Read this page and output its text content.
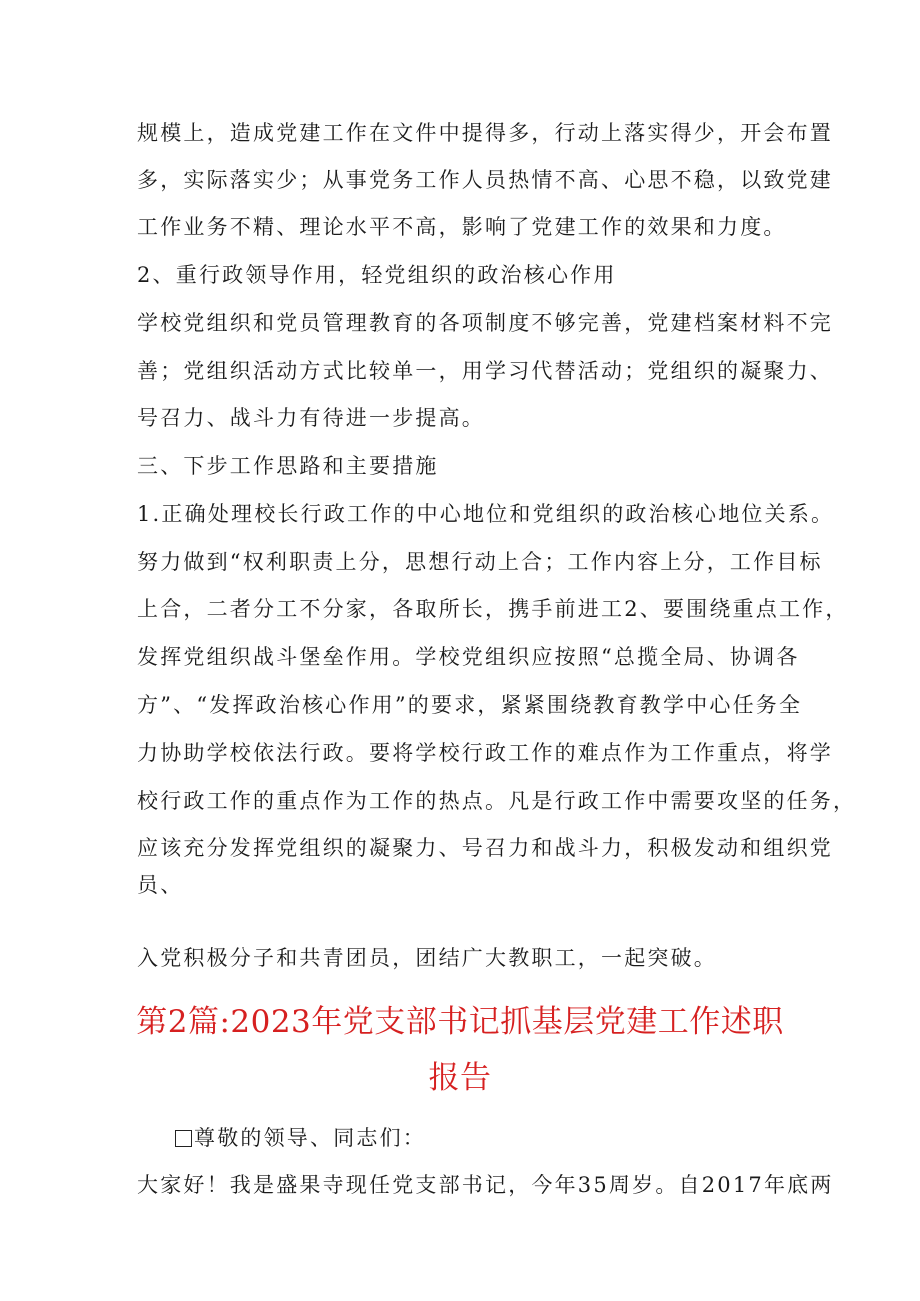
规模上，造成党建工作在文件中提得多，行动上落实得少，开会布置
多，实际落实少；从事党务工作人员热情不高、心思不稳，以致党建
工作业务不精、理论水平不高，影响了党建工作的效果和力度。
2、重行政领导作用，轻党组织的政治核心作用
学校党组织和党员管理教育的各项制度不够完善，党建档案材料不完
善；党组织活动方式比较单一，用学习代替活动；党组织的凝聚力、
号召力、战斗力有待进一步提高。
三、下步工作思路和主要措施
1.正确处理校长行政工作的中心地位和党组织的政治核心地位关系。
努力做到“权利职责上分，思想行动上合；工作内容上分，工作目标
上合，二者分工不分家，各取所长，携手前进工2、要围绕重点工作，
发挥党组织战斗堡垒作用。学校党组织应按照“总揽全局、协调各
方”、“发挥政治核心作用”的要求，紧紧围绕教育教学中心任务全
力协助学校依法行政。要将学校行政工作的难点作为工作重点，将学
校行政工作的重点作为工作的热点。凡是行政工作中需要攻坚的任务，
应该充分发挥党组织的凝聚力、号召力和战斗力，积极发动和组织党
员、
入党积极分子和共青团员，团结广大教职工，一起突破。
第2篇:2023年党支部书记抓基层党建工作述职
报告
尊敬的领导、同志们：
大家好！我是盛果寺现任党支部书记，今年35周岁。自2017年底两
